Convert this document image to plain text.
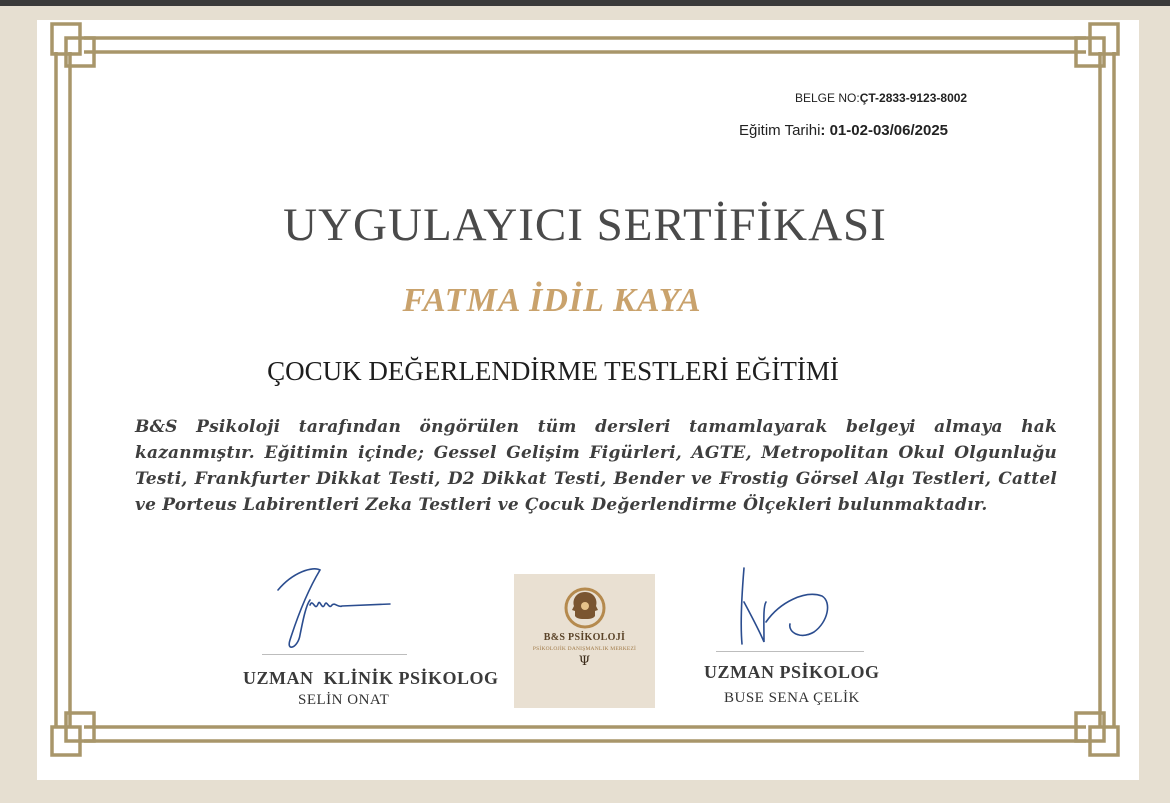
BELGE NO:ÇT-2833-9123-8002
Eğitim Tarihi: 01-02-03/06/2025
UYGULAYICI SERTİFİKASI
FATMA İDİL KAYA
ÇOCUK DEĞERLENDİRME TESTLERİ EĞİTİMİ
B&S Psikoloji tarafından öngörülen tüm dersleri tamamlayarak belgeyi almaya hak kazanmıştır. Eğitimin içinde; Gessel Gelişim Figürleri, AGTE, Metropolitan Okul Olgunluğu Testi, Frankfurter Dikkat Testi, D2 Dikkat Testi, Bender ve Frostig Görsel Algı Testleri, Cattel ve Porteus Labirentleri Zeka Testleri ve Çocuk Değerlendirme Ölçekleri bulunmaktadır.
UZMAN  KLİNİK PSİKOLOG
SELİN ONAT
B&S PSİKOLOJİ
PSİKOLOJİK DANIŞMANLIK MERKEZİ
Ψ
UZMAN PSİKOLOG
BUSE SENA ÇELİK
